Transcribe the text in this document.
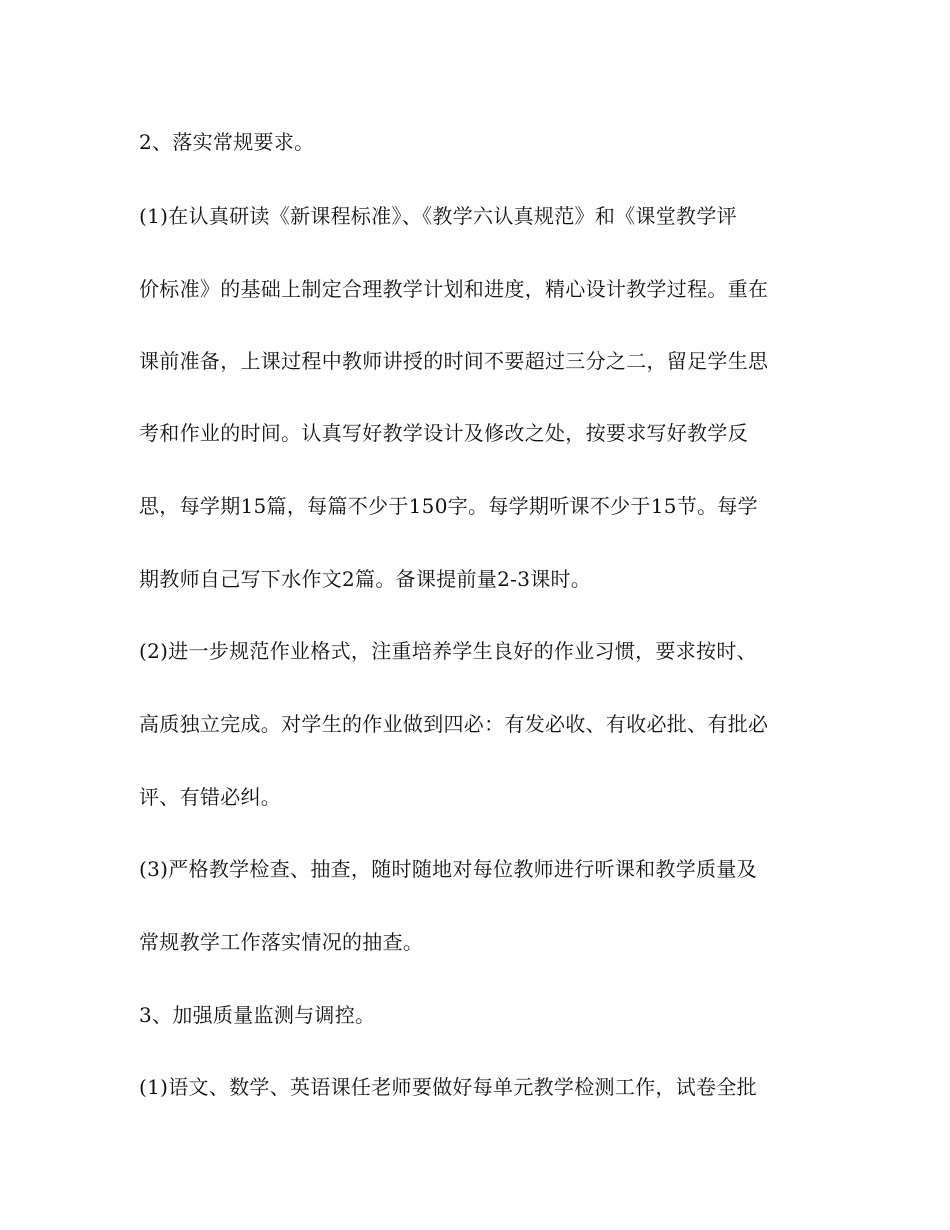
2、落实常规要求。
(1)在认真研读《新课程标准》、《教学六认真规范》和《课堂教学评
价标准》的基础上制定合理教学计划和进度，精心设计教学过程。重在
课前准备，上课过程中教师讲授的时间不要超过三分之二，留足学生思
考和作业的时间。认真写好教学设计及修改之处，按要求写好教学反
思，每学期15篇，每篇不少于150字。每学期听课不少于15节。每学
期教师自己写下水作文2篇。备课提前量2-3课时。
(2)进一步规范作业格式，注重培养学生良好的作业习惯，要求按时、
高质独立完成。对学生的作业做到四必：有发必收、有收必批、有批必
评、有错必纠。
(3)严格教学检查、抽查，随时随地对每位教师进行听课和教学质量及
常规教学工作落实情况的抽查。
3、加强质量监测与调控。
(1)语文、数学、英语课任老师要做好每单元教学检测工作，试卷全批
